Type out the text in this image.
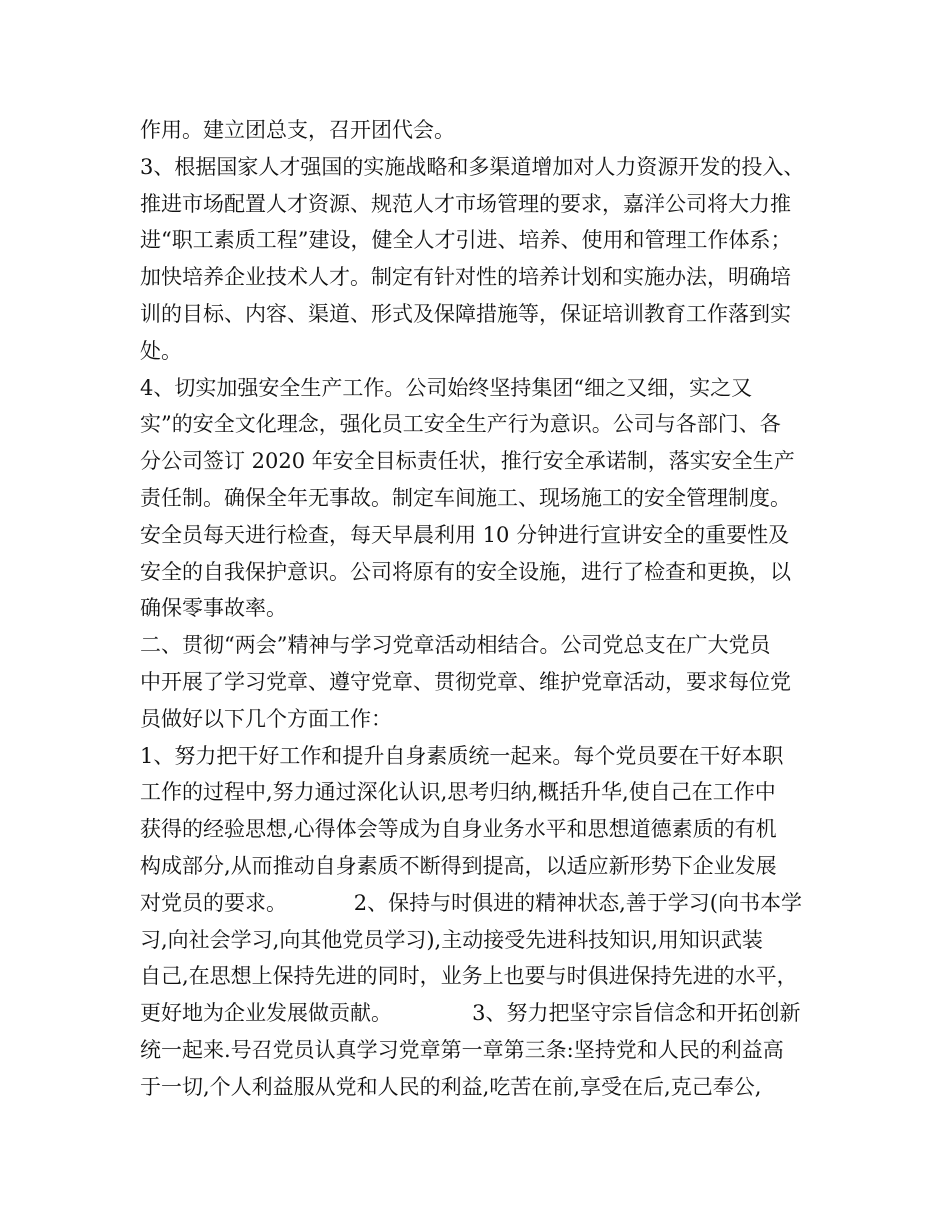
作用。建立团总支，召开团代会。
3、根据国家人才强国的实施战略和多渠道增加对人力资源开发的投入、
推进市场配置人才资源、规范人才市场管理的要求，嘉洋公司将大力推
进“职工素质工程”建设，健全人才引进、培养、使用和管理工作体系；
加快培养企业技术人才。制定有针对性的培养计划和实施办法，明确培
训的目标、内容、渠道、形式及保障措施等，保证培训教育工作落到实
处。
4、切实加强安全生产工作。公司始终坚持集团“细之又细，实之又
实”的安全文化理念，强化员工安全生产行为意识。公司与各部门、各
分公司签订 2020 年安全目标责任状，推行安全承诺制，落实安全生产
责任制。确保全年无事故。制定车间施工、现场施工的安全管理制度。
安全员每天进行检查，每天早晨利用 10 分钟进行宣讲安全的重要性及
安全的自我保护意识。公司将原有的安全设施，进行了检查和更换，以
确保零事故率。
二、贯彻“两会”精神与学习党章活动相结合。公司党总支在广大党员
中开展了学习党章、遵守党章、贯彻党章、维护党章活动，要求每位党
员做好以下几个方面工作：
1、努力把干好工作和提升自身素质统一起来。每个党员要在干好本职
工作的过程中,努力通过深化认识,思考归纳,概括升华,使自己在工作中
获得的经验思想,心得体会等成为自身业务水平和思想道德素质的有机
构成部分,从而推动自身素质不断得到提高，以适应新形势下企业发展
对党员的要求。          2、保持与时俱进的精神状态,善于学习(向书本学
习,向社会学习,向其他党员学习),主动接受先进科技知识,用知识武装
自己,在思想上保持先进的同时，业务上也要与时俱进保持先进的水平，
更好地为企业发展做贡献。            3、努力把坚守宗旨信念和开拓创新
统一起来.号召党员认真学习党章第一章第三条:坚持党和人民的利益高
于一切,个人利益服从党和人民的利益,吃苦在前,享受在后,克己奉公,
